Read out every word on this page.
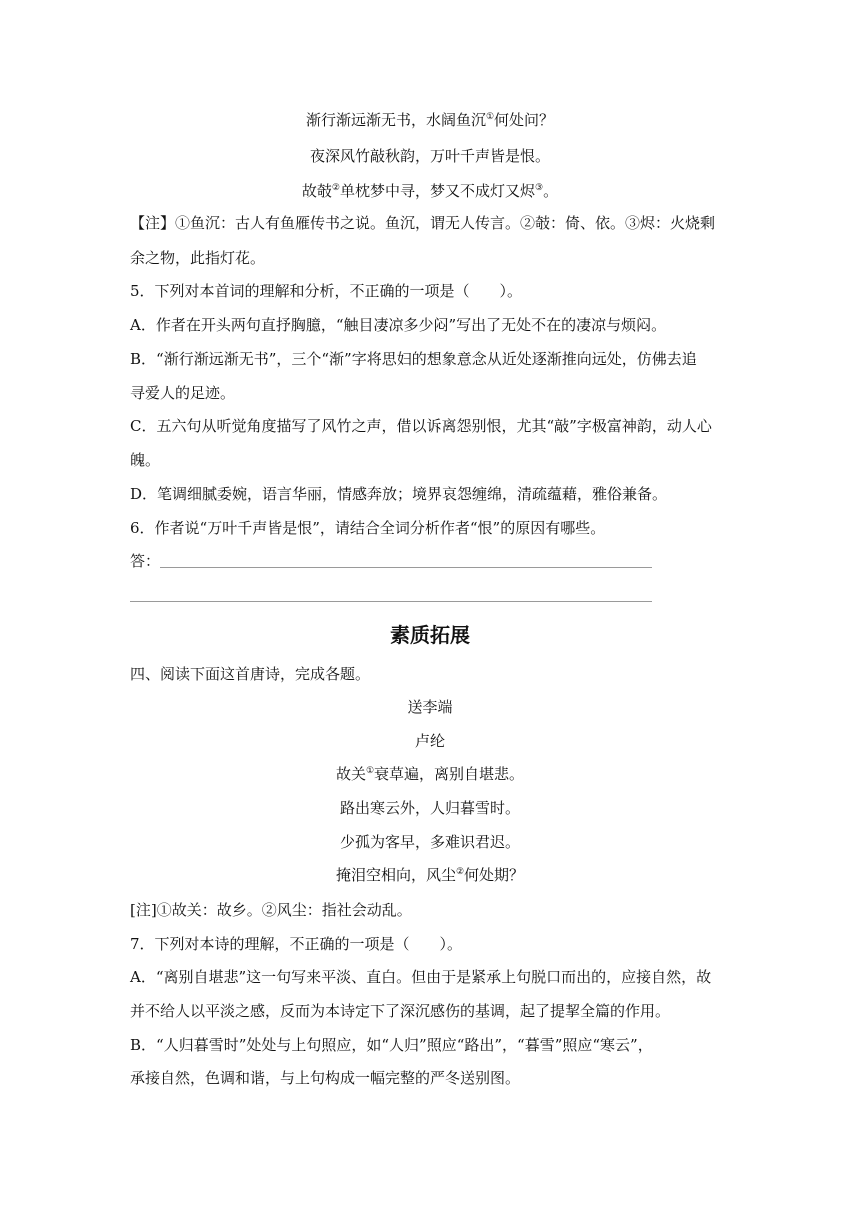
渐行渐远渐无书，水阔鱼沉①何处问？
夜深风竹敲秋韵，万叶千声皆是恨。
故攲②单枕梦中寻，梦又不成灯又烬③。
【注】①鱼沉：古人有鱼雁传书之说。鱼沉，谓无人传言。②攲：倚、依。③烬：火烧剩
余之物，此指灯花。
5．下列对本首词的理解和分析，不正确的一项是（　　）。
A．作者在开头两句直抒胸臆，“触目凄凉多少闷”写出了无处不在的凄凉与烦闷。
B．“渐行渐远渐无书”，三个“渐”字将思妇的想象意念从近处逐渐推向远处，仿佛去追
寻爱人的足迹。
C．五六句从听觉角度描写了风竹之声，借以诉离怨别恨，尤其“敲”字极富神韵，动人心
魄。
D．笔调细腻委婉，语言华丽，情感奔放；境界哀怨缠绵，清疏蕴藉，雅俗兼备。
6．作者说“万叶千声皆是恨”，请结合全词分析作者“恨”的原因有哪些。
答：
素质拓展
四、阅读下面这首唐诗，完成各题。
送李端
卢纶
故关①衰草遍，离别自堪悲。
路出寒云外，人归暮雪时。
少孤为客早，多难识君迟。
掩泪空相向，风尘②何处期？
[注]①故关：故乡。②风尘：指社会动乱。
7．下列对本诗的理解，不正确的一项是（　　）。
A．“离别自堪悲”这一句写来平淡、直白。但由于是紧承上句脱口而出的，应接自然，故
并不给人以平淡之感，反而为本诗定下了深沉感伤的基调，起了提挈全篇的作用。
B．“人归暮雪时”处处与上句照应，如“人归”照应“路出”，“暮雪”照应“寒云”，
承接自然，色调和谐，与上句构成一幅完整的严冬送别图。
